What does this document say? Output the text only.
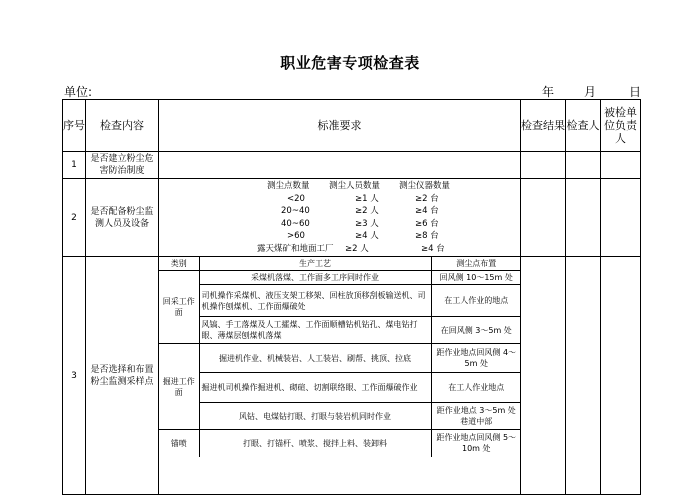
职业危害专项检查表
单位:	年 月	日
序号	检查内容	标准要求	检查结果	检查人	被检单位负责人
1	是否建立粉尘危害防治制度				
2	是否配备粉尘监测人员及设备	
测尘点数量 测尘人员数量 测尘仪器数量
<20	≥1 人	≥2 台
20~40	≥2 人	≥4 台
40~60	≥3 人	≥6 台
>60	≥4 人	≥8 台
露天煤矿和地面工厂 ≥2 人	≥4 台

3	是否选择和布置粉尘监测采样点	
类别	生产工艺	测尘点布置
回采工作面	采煤机落煤、工作面多工序同时作业	回风侧 10～15m 处
司机操作采煤机、液压支架工移架、回柱放顶移刮板输送机、司机操作刨煤机、工作面爆破处	在工人作业的地点
风镐、手工落煤及人工攉煤、工作面顺槽钻机钻孔、煤电钻打眼、薄煤层刨煤机落煤	在回风侧 3～5m 处
掘进工作面	掘进机作业、机械装岩、人工装岩、刷帮、挑顶、拉底	距作业地点回风侧 4～5m 处
掘进机司机操作掘进机、砌碹、切割联络眼、工作面爆破作业	在工人作业地点
风钻、电煤钻打眼、打眼与装岩机同时作业	距作业地点 3～5m 处巷道中部
锚喷	打眼、打锚杆、喷浆、搅拌上料、装卸料	距作业地点回风侧 5～10m 处
